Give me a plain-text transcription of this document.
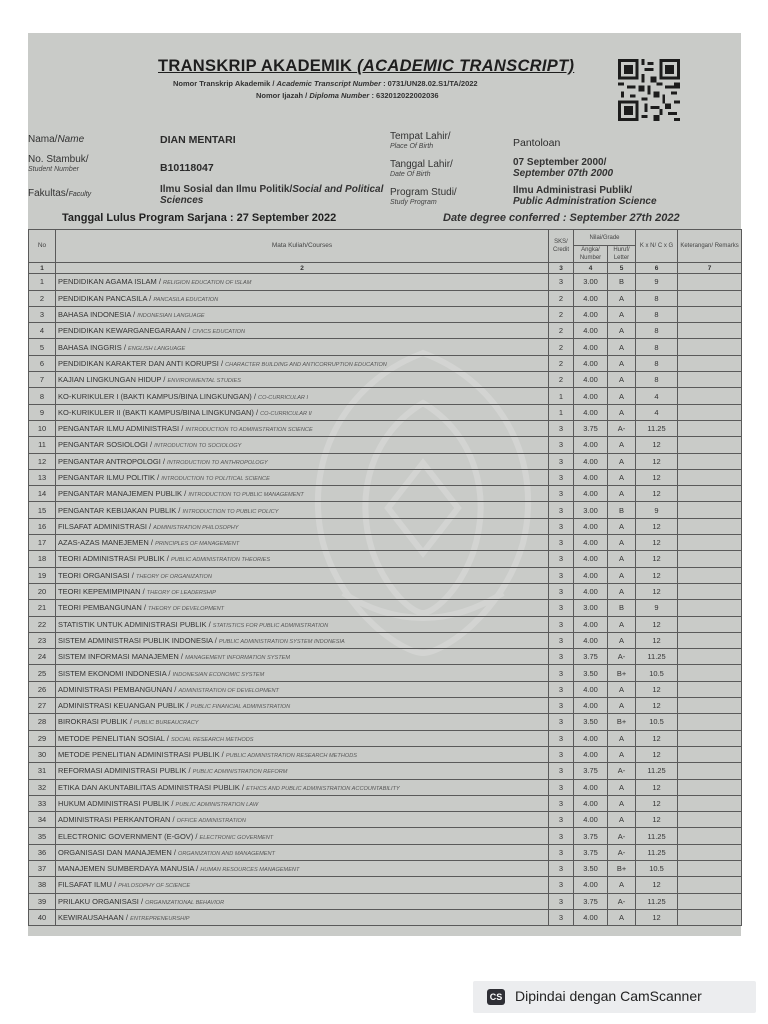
TRANSKRIP AKADEMIK (ACADEMIC TRANSCRIPT)
Nomor Transkrip Akademik / Academic Transcript Number : 0731/UN28.02.S1/TA/2022
Nomor Ijazah / Diploma Number : 632012022002036
Nama/Name	DIAN MENTARI
No. Stambuk/
Student Number	B10118047
Fakultas/Faculty	Ilmu Sosial dan Ilmu Politik/Social and Political Sciences
Tempat Lahir/
Place Of Birth	Pantoloan
Tanggal Lahir/
Date Of Birth
07 September 2000/
September 07th 2000
Program Studi/
Study Program
Ilmu Administrasi Publik/
Public Administration Science
Tanggal Lulus Program Sarjana : 27 September 2022	Date degree conferred : September 27th 2022
No	Mata Kuliah/Courses	SKS/ Credit	Nilai/Grade		K x N/ C x G	Keterangan/ Remarks
			Angka/ Number	Huruf/ Letter		
1	2	3	4	5	6	7
1	PENDIDIKAN AGAMA ISLAM / RELIGION EDUCATION OF ISLAM	3	3.00	B	9	
2	PENDIDIKAN PANCASILA / PANCASILA EDUCATION	2	4.00	A	8	
3	BAHASA INDONESIA / INDONESIAN LANGUAGE	2	4.00	A	8	
4	PENDIDIKAN KEWARGANEGARAAN / CIVICS EDUCATION	2	4.00	A	8	
5	BAHASA INGGRIS / ENGLISH LANGUAGE	2	4.00	A	8	
6	PENDIDIKAN KARAKTER DAN ANTI KORUPSI / CHARACTER BUILDING AND ANTICORRUPTION EDUCATION	2	4.00	A	8	
7	KAJIAN LINGKUNGAN HIDUP / ENVIRONMENTAL STUDIES	2	4.00	A	8	
8	KO-KURIKULER I (BAKTI KAMPUS/BINA LINGKUNGAN) / CO-CURRICULAR I	1	4.00	A	4	
9	KO-KURIKULER II (BAKTI KAMPUS/BINA LINGKUNGAN) / CO-CURRICULAR II	1	4.00	A	4	
10	PENGANTAR ILMU ADMINISTRASI / INTRODUCTION TO ADMINISTRATION SCIENCE	3	3.75	A-	11.25	
11	PENGANTAR SOSIOLOGI / INTRODUCTION TO SOCIOLOGY	3	4.00	A	12	
12	PENGANTAR ANTROPOLOGI / INTRODUCTION TO ANTHROPOLOGY	3	4.00	A	12	
13	PENGANTAR ILMU POLITIK / INTRODUCTION TO POLITICAL SCIENCE	3	4.00	A	12	
14	PENGANTAR MANAJEMEN PUBLIK / INTRODUCTION TO PUBLIC MANAGEMENT	3	4.00	A	12	
15	PENGANTAR KEBIJAKAN PUBLIK / INTRODUCTION TO PUBLIC POLICY	3	3.00	B	9	
16	FILSAFAT ADMINISTRASI / ADMINISTRATION PHILOSOPHY	3	4.00	A	12	
17	AZAS-AZAS MANEJEMEN / PRINCIPLES OF MANAGEMENT	3	4.00	A	12	
18	TEORI ADMINISTRASI PUBLIK / PUBLIC ADMINISTRATION THEORIES	3	4.00	A	12	
19	TEORI ORGANISASI / THEORY OF ORGANIZATION	3	4.00	A	12	
20	TEORI KEPEMIMPINAN / THEORY OF LEADERSHIP	3	4.00	A	12	
21	TEORI PEMBANGUNAN / THEORY OF DEVELOPMENT	3	3.00	B	9	
22	STATISTIK UNTUK ADMINISTRASI PUBLIK / STATISTICS FOR PUBLIC ADMINISTRATION	3	4.00	A	12	
23	SISTEM ADMINISTRASI PUBLIK INDONESIA / PUBLIC ADMINISTRATION SYSTEM INDONESIA	3	4.00	A	12	
24	SISTEM INFORMASI MANAJEMEN / MANAGEMENT INFORMATION SYSTEM	3	3.75	A-	11.25	
25	SISTEM EKONOMI INDONESIA / INDONESIAN ECONOMIC SYSTEM	3	3.50	B+	10.5	
26	ADMINISTRASI PEMBANGUNAN / ADMINISTRATION OF DEVELOPMENT	3	4.00	A	12	
27	ADMINISTRASI KEUANGAN PUBLIK / PUBLIC FINANCIAL ADMINISTRATION	3	4.00	A	12	
28	BIROKRASI PUBLIK / PUBLIC BUREAUCRACY	3	3.50	B+	10.5	
29	METODE PENELITIAN SOSIAL / SOCIAL RESEARCH METHODS	3	4.00	A	12	
30	METODE PENELITIAN ADMINISTRASI PUBLIK / PUBLIC ADMINISTRATION RESEARCH METHODS	3	4.00	A	12	
31	REFORMASI ADMINISTRASI PUBLIK / PUBLIC ADMINISTRATION REFORM	3	3.75	A-	11.25	
32	ETIKA DAN AKUNTABILITAS ADMINISTRASI PUBLIK / ETHICS AND PUBLIC ADMINISTRATION ACCOUNTABILITY	3	4.00	A	12	
33	HUKUM ADMINISTRASI PUBLIK / PUBLIC ADMINISTRATION LAW	3	4.00	A	12	
34	ADMINISTRASI PERKANTORAN / OFFICE ADMINISTRATION	3	4.00	A	12	
35	ELECTRONIC GOVERNMENT (E-GOV) / ELECTRONIC GOVERMENT	3	3.75	A-	11.25	
36	ORGANISASI DAN MANAJEMEN / ORGANIZATION AND MANAGEMENT	3	3.75	A-	11.25	
37	MANAJEMEN SUMBERDAYA MANUSIA / HUMAN RESOURCES MANAGEMENT	3	3.50	B+	10.5	
38	FILSAFAT ILMU / PHILOSOPHY OF SCIENCE	3	4.00	A	12	
39	PRILAKU ORGANISASI / ORGANIZATIONAL BEHAVIOR	3	3.75	A-	11.25	
40	KEWIRAUSAHAAN / ENTREPRENEURSHIP	3	4.00	A	12	
CS Dipindai dengan CamScanner
